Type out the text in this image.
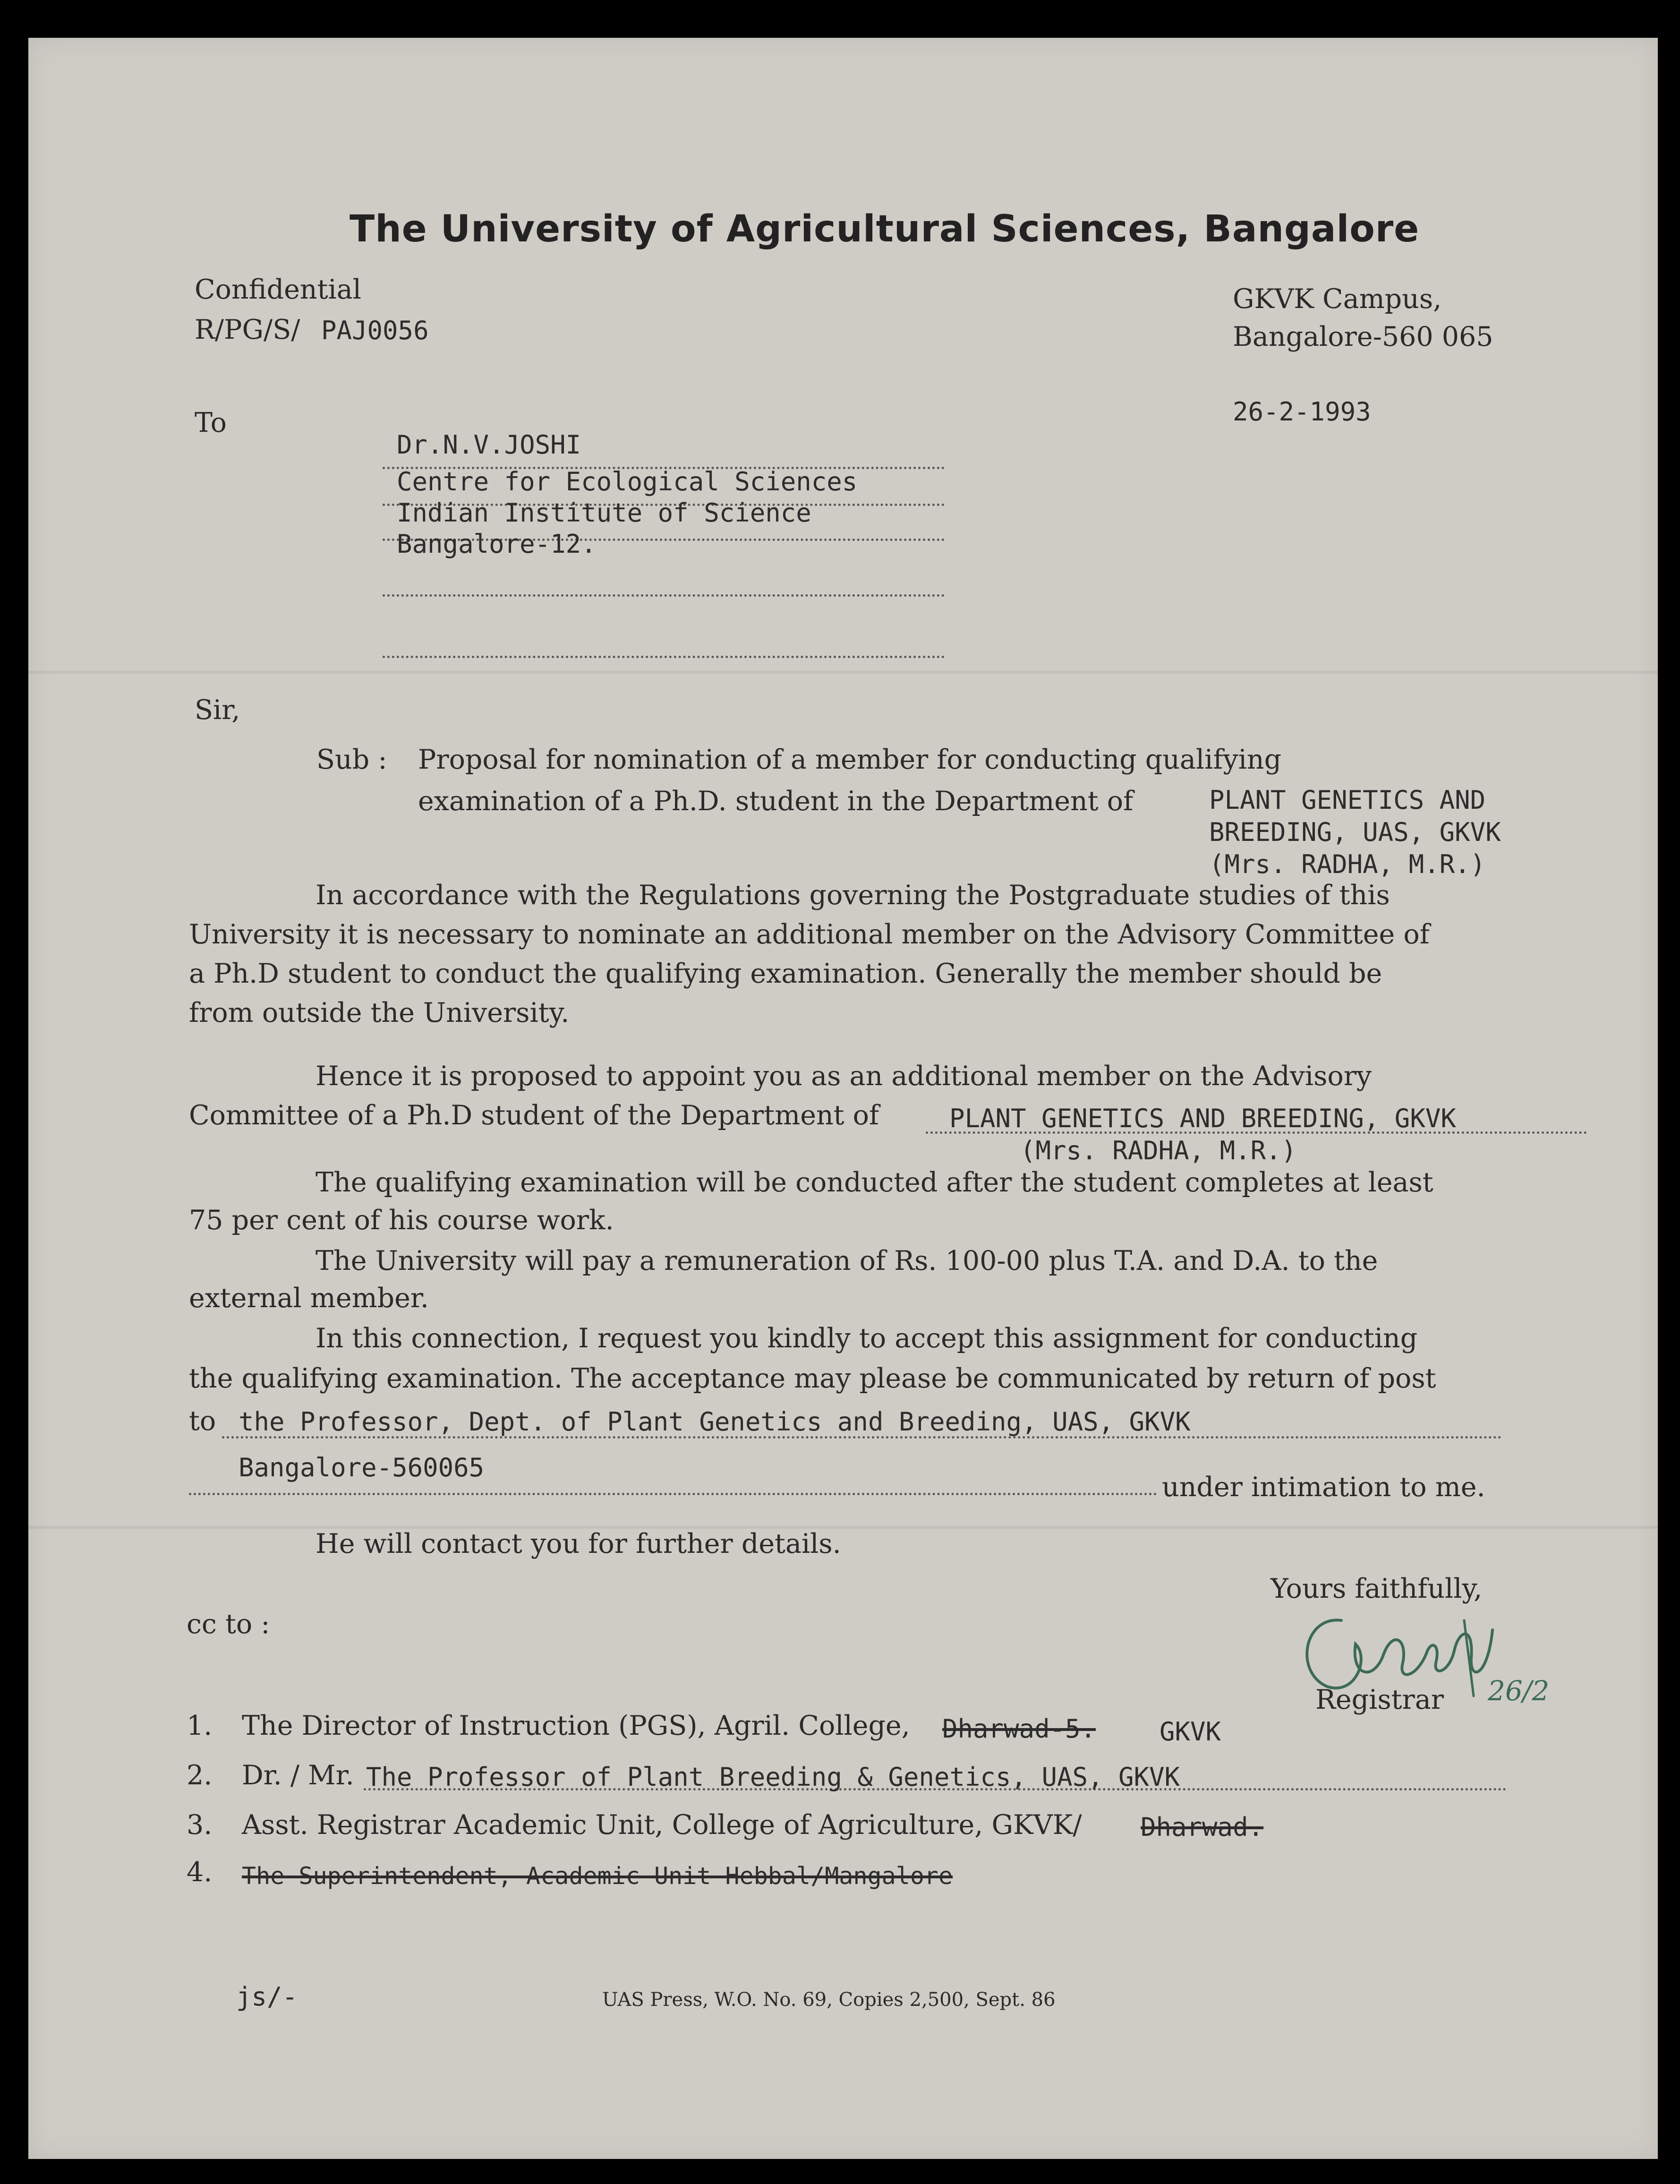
The University of Agricultural Sciences, Bangalore
Confidential
R/PG/S/ PAJ0056
GKVK Campus,
Bangalore-560 065
26-2-1993
To
Dr.N.V.JOSHI
Centre for Ecological Sciences
Indian Institute of Science
Bangalore-12.
Sir,
Sub : Proposal for nomination of a member for conducting qualifying
examination of a Ph.D. student in the Department of	PLANT GENETICS AND
BREEDING, UAS, GKVK
(Mrs. RADHA, M.R.)
In accordance with the Regulations governing the Postgraduate studies of this
University it is necessary to nominate an additional member on the Advisory Committee of
a Ph.D student to conduct the qualifying examination. Generally the member should be
from outside the University.
Hence it is proposed to appoint you as an additional member on the Advisory
Committee of a Ph.D student of the Department of	PLANT GENETICS AND BREEDING, GKVK
(Mrs. RADHA, M.R.)
The qualifying examination will be conducted after the student completes at least
75 per cent of his course work.
The University will pay a remuneration of Rs. 100-00 plus T.A. and D.A. to the
external member.
In this connection, I request you kindly to accept this assignment for conducting
the qualifying examination. The acceptance may please be communicated by return of post
to the Professor, Dept. of Plant Genetics and Breeding, UAS, GKVK
Bangalore-560065
under intimation to me.
He will contact you for further details.
Yours faithfully,
26/2
Registrar
cc to :
1. The Director of Instruction (PGS), Agril. College, Dharwad-5. GKVK
2. Dr. / Mr. The Professor of Plant Breeding & Genetics, UAS, GKVK
3. Asst. Registrar Academic Unit, College of Agriculture, GKVK/ Dharwad.
4. The Superintendent, Academic Unit Hebbal/Mangalore
js/-	UAS Press, W.O. No. 69, Copies 2,500, Sept. 86
